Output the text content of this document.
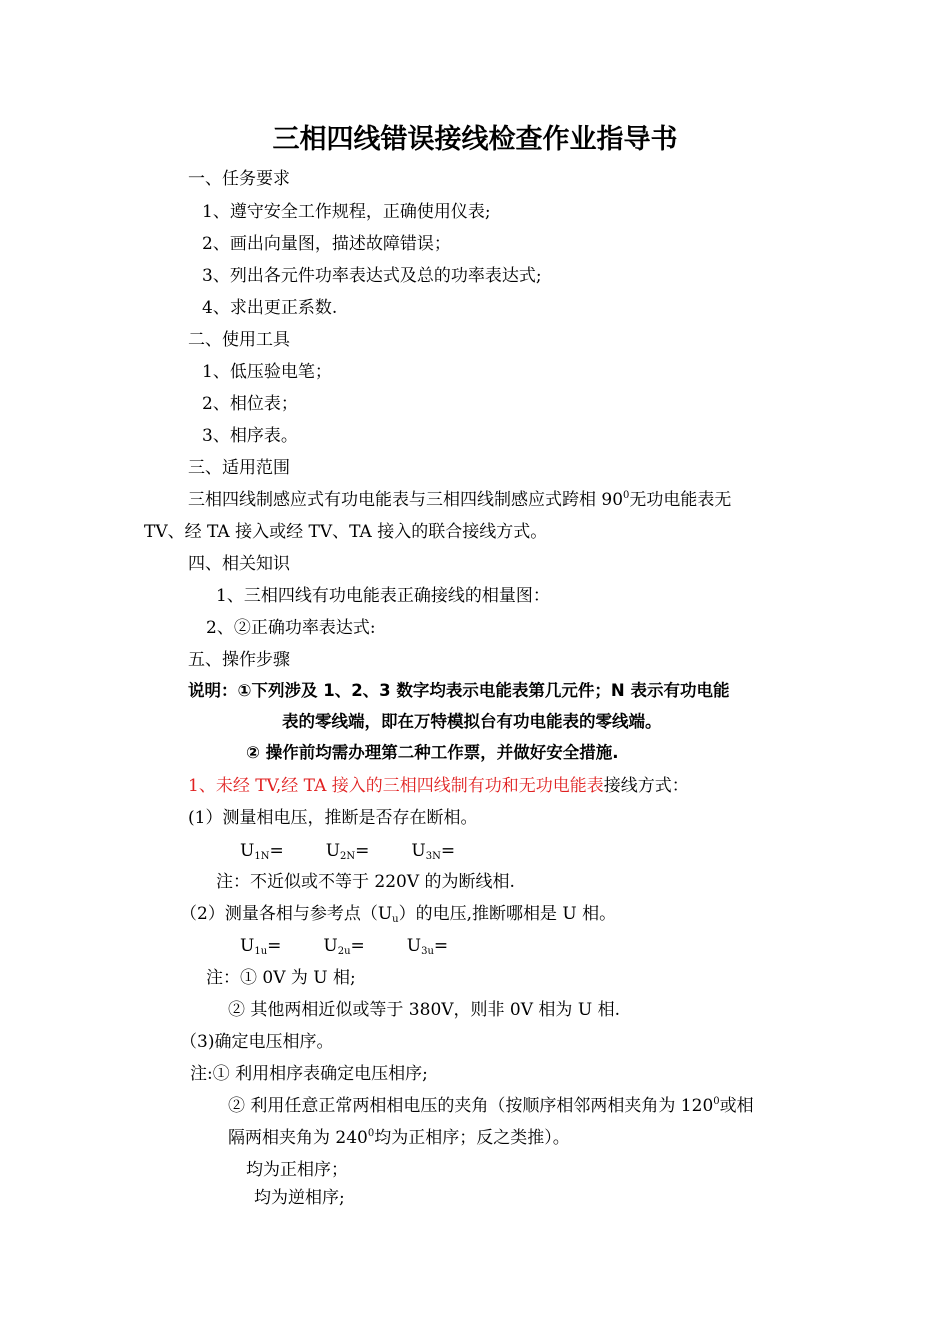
三相四线错误接线检查作业指导书
一、任务要求
1、遵守安全工作规程，正确使用仪表;
2、画出向量图，描述故障错误；
3、列出各元件功率表达式及总的功率表达式;
4、求出更正系数.
二、使用工具
1、低压验电笔；
2、相位表；
3、相序表。
三、适用范围
三相四线制感应式有功电能表与三相四线制感应式跨相 $90^0$无功电能表无
TV、经 TA 接入或经 TV、TA 接入的联合接线方式。
四、相关知识
1、三相四线有功电能表正确接线的相量图：
2、②正确功率表达式:
五、操作步骤
说明：①下列涉及 1、2、3 数字均表示电能表第几元件；N 表示有功电能
表的零线端，即在万特模拟台有功电能表的零线端。
② 操作前均需办理第二种工作票，并做好安全措施.
1、未经 TV,经 TA 接入的三相四线制有功和无功电能表接线方式：
(1）测量相电压，推断是否存在断相。
$U_{1N}= U_{2N}= U_{3N}=$
注：不近似或不等于 220V 的为断线相.
（2）测量各相与参考点$(U_u)$的电压,推断哪相是 U 相。
$U_{1u}= U_{2u}= U_{3u}=$
注：① 0V 为 U 相;
② 其他两相近似或等于 380V，则非 0V 相为 U 相.
（3)确定电压相序。
注:① 利用相序表确定电压相序;
② 利用任意正常两相相电压的夹角（按顺序相邻两相夹角为 $120^0$或相
隔两相夹角为 $240^0$均为正相序；反之类推）。
均为正相序；
均为逆相序;
